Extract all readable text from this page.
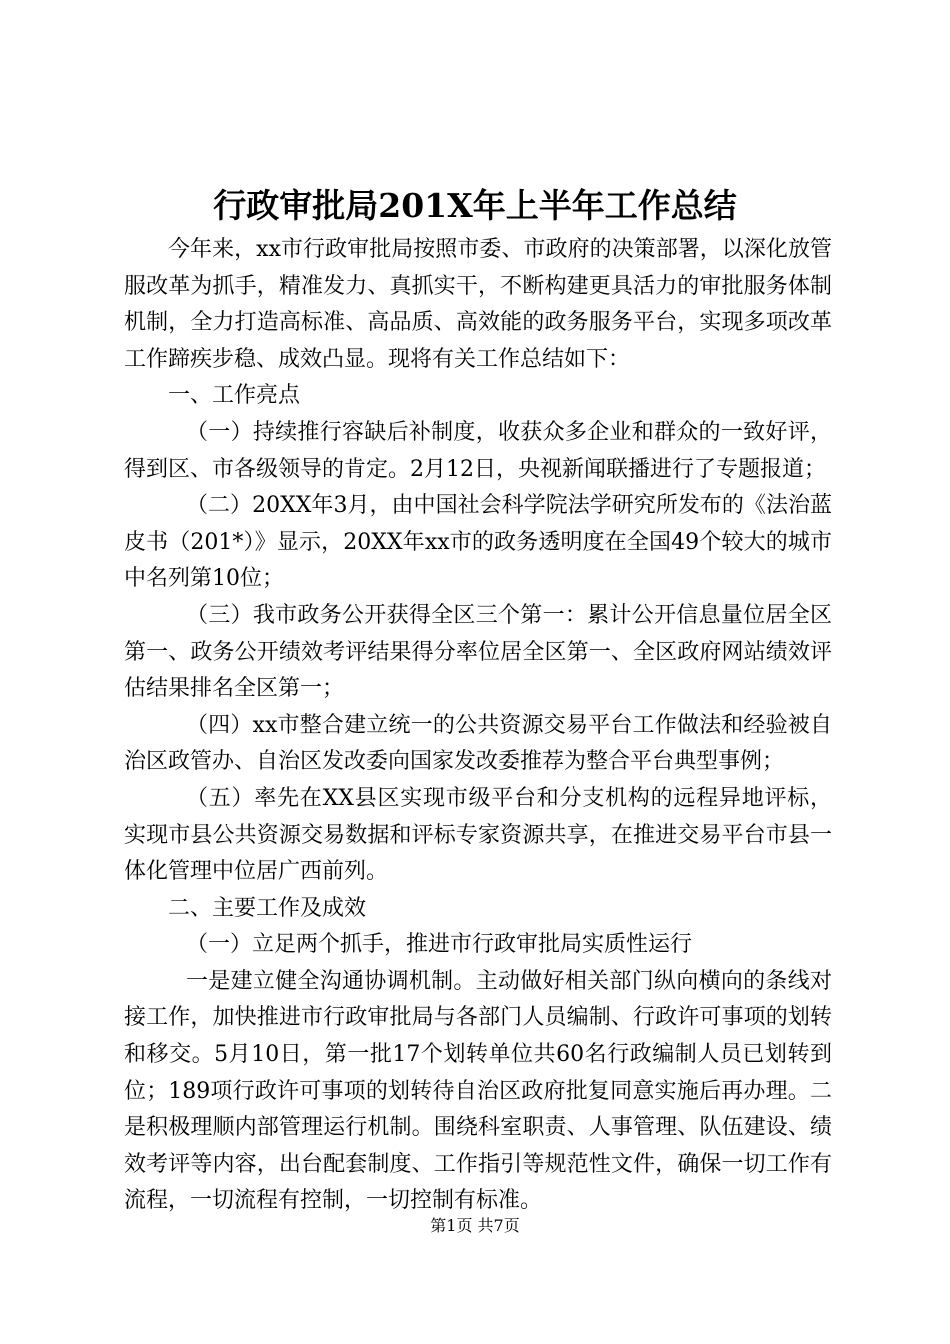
行政审批局201X年上半年工作总结

今年来，xx市行政审批局按照市委、市政府的决策部署，以深化放管服改革为抓手，精准发力、真抓实干，不断构建更具活力的审批服务体制机制，全力打造高标准、高品质、高效能的政务服务平台，实现多项改革工作蹄疾步稳、成效凸显。现将有关工作总结如下：

一、工作亮点

（一）持续推行容缺后补制度，收获众多企业和群众的一致好评，得到区、市各级领导的肯定。2月12日，央视新闻联播进行了专题报道；

（二）20XX年3月，由中国社会科学院法学研究所发布的《法治蓝皮书（201*）》显示，20XX年xx市的政务透明度在全国49个较大的城市中名列第10位；

（三）我市政务公开获得全区三个第一：累计公开信息量位居全区第一、政务公开绩效考评结果得分率位居全区第一、全区政府网站绩效评估结果排名全区第一；

（四）xx市整合建立统一的公共资源交易平台工作做法和经验被自治区政管办、自治区发改委向国家发改委推荐为整合平台典型事例；

（五）率先在XX县区实现市级平台和分支机构的远程异地评标，实现市县公共资源交易数据和评标专家资源共享，在推进交易平台市县一体化管理中位居广西前列。

二、主要工作及成效

（一）立足两个抓手，推进市行政审批局实质性运行

一是建立健全沟通协调机制。主动做好相关部门纵向横向的条线对接工作，加快推进市行政审批局与各部门人员编制、行政许可事项的划转和移交。5月10日，第一批17个划转单位共60名行政编制人员已划转到位；189项行政许可事项的划转待自治区政府批复同意实施后再办理。二是积极理顺内部管理运行机制。围绕科室职责、人事管理、队伍建设、绩效考评等内容，出台配套制度、工作指引等规范性文件，确保一切工作有流程，一切流程有控制，一切控制有标准。

第1页 共7页
